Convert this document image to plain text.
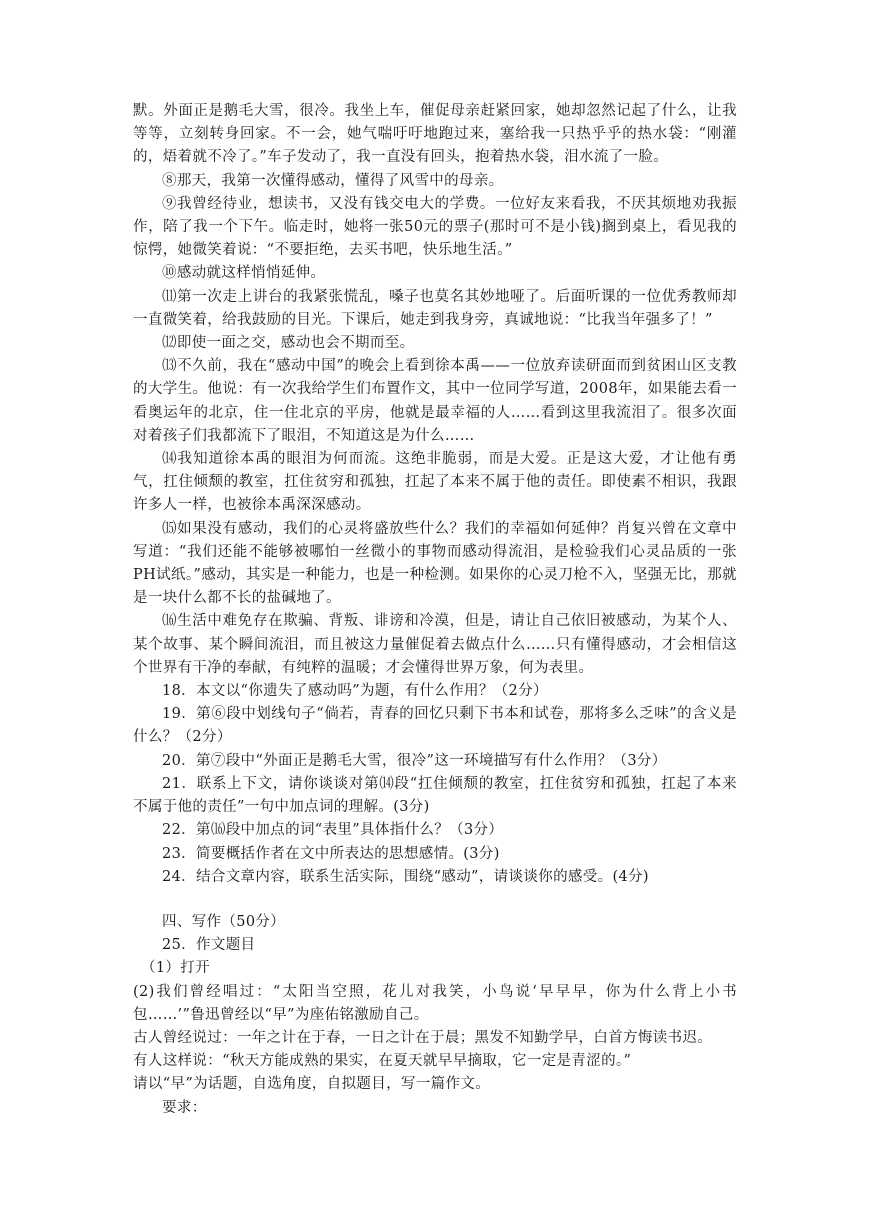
默。外面正是鹅毛大雪，很冷。我坐上车，催促母亲赶紧回家，她却忽然记起了什么，让我等等，立刻转身回家。不一会，她气喘吁吁地跑过来，塞给我一只热乎乎的热水袋：“刚灌的，焐着就不冷了。”车子发动了，我一直没有回头，抱着热水袋，泪水流了一脸。

⑧那天，我第一次懂得感动，懂得了风雪中的母亲。

⑨我曾经待业，想读书，又没有钱交电大的学费。一位好友来看我，不厌其烦地劝我振作，陪了我一个下午。临走时，她将一张50元的票子(那时可不是小钱)搁到桌上，看见我的惊愕，她微笑着说：“不要拒绝，去买书吧，快乐地生活。”

⑩感动就这样悄悄延伸。

⑾第一次走上讲台的我紧张慌乱，嗓子也莫名其妙地哑了。后面听课的一位优秀教师却一直微笑着，给我鼓励的目光。下课后，她走到我身旁，真诚地说：“比我当年强多了！”

⑿即使一面之交，感动也会不期而至。

⒀不久前，我在“感动中国”的晚会上看到徐本禹——一位放弃读研面而到贫困山区支教的大学生。他说：有一次我给学生们布置作文，其中一位同学写道，2008年，如果能去看一看奥运年的北京，住一住北京的平房，他就是最幸福的人……看到这里我流泪了。很多次面对着孩子们我都流下了眼泪，不知道这是为什么……

⒁我知道徐本禹的眼泪为何而流。这绝非脆弱，而是大爱。正是这大爱，才让他有勇气，扛住倾颓的教室，扛住贫穷和孤独，扛起了本来不属于他的责任。即使素不相识，我跟许多人一样，也被徐本禹深深感动。

⒂如果没有感动，我们的心灵将盛放些什么？我们的幸福如何延伸？肖复兴曾在文章中写道：“我们还能不能够被哪怕一丝微小的事物而感动得流泪，是检验我们心灵品质的一张PH试纸。”感动，其实是一种能力，也是一种检测。如果你的心灵刀枪不入，坚强无比，那就是一块什么都不长的盐碱地了。

⒃生活中难免存在欺骗、背叛、诽谤和冷漠，但是，请让自己依旧被感动，为某个人、某个故事、某个瞬间流泪，而且被这力量催促着去做点什么……只有懂得感动，才会相信这个世界有干净的奉献，有纯粹的温暖；才会懂得世界万象，何为表里。

18．本文以“你遗失了感动吗”为题，有什么作用？（2分）

19．第⑥段中划线句子“倘若，青春的回忆只剩下书本和试卷，那将多么乏味”的含义是什么？（2分）

20．第⑦段中“外面正是鹅毛大雪，很冷”这一环境描写有什么作用？（3分）

21．联系上下文，请你谈谈对第⒁段“扛住倾颓的教室，扛住贫穷和孤独，扛起了本来不属于他的责任”一句中加点词的理解。(3分)

22．第⒃段中加点的词“表里”具体指什么？（3分）

23．简要概括作者在文中所表达的思想感情。(3分)

24．结合文章内容，联系生活实际，围绕“感动”，请谈谈你的感受。(4分)

四、写作（50分）

25．作文题目

（1）打开

(2)我们曾经唱过：“太阳当空照，花儿对我笑，小鸟说‘早早早，你为什么背上小书包……’”鲁迅曾经以“早”为座佑铭激励自己。

古人曾经说过：一年之计在于春，一日之计在于晨；黑发不知勤学早，白首方悔读书迟。

有人这样说：“秋天方能成熟的果实，在夏天就早早摘取，它一定是青涩的。”

请以“早”为话题，自选角度，自拟题目，写一篇作文。

要求：
